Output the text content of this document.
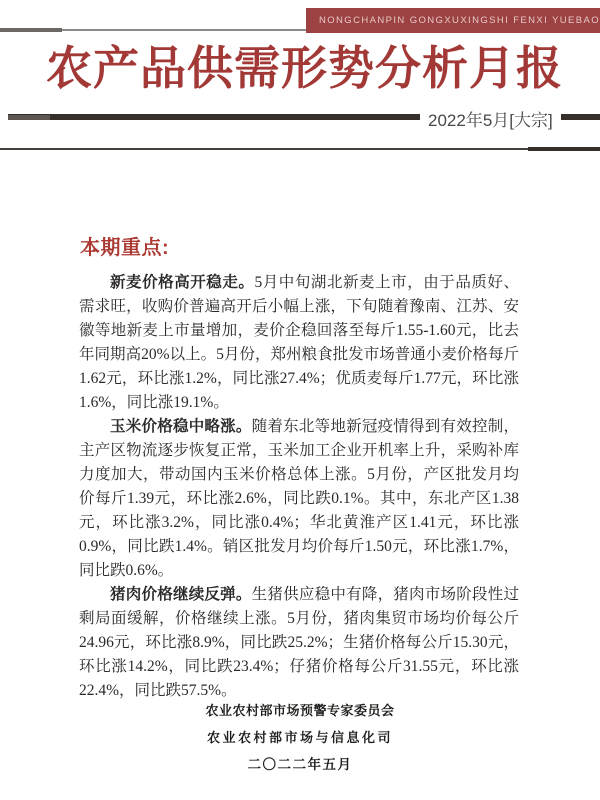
NONGCHANPIN GONGXUXINGSHI FENXI YUEBAO
农产品供需形势分析月报
2022年5月[大宗]
本期重点:

新麦价格高开稳走。5月中旬湖北新麦上市，由于品质好、需求旺，收购价普遍高开后小幅上涨，下旬随着豫南、江苏、安徽等地新麦上市量增加，麦价企稳回落至每斤1.55-1.60元，比去年同期高20%以上。5月份，郑州粮食批发市场普通小麦价格每斤1.62元，环比涨1.2%，同比涨27.4%；优质麦每斤1.77元，环比涨1.6%，同比涨19.1%。

玉米价格稳中略涨。随着东北等地新冠疫情得到有效控制，主产区物流逐步恢复正常，玉米加工企业开机率上升，采购补库力度加大，带动国内玉米价格总体上涨。5月份，产区批发月均价每斤1.39元，环比涨2.6%，同比跌0.1%。其中，东北产区1.38元，环比涨3.2%，同比涨0.4%；华北黄淮产区1.41元，环比涨0.9%，同比跌1.4%。销区批发月均价每斤1.50元，环比涨1.7%，同比跌0.6%。

猪肉价格继续反弹。生猪供应稳中有降，猪肉市场阶段性过剩局面缓解，价格继续上涨。5月份，猪肉集贸市场均价每公斤24.96元，环比涨8.9%，同比跌25.2%；生猪价格每公斤15.30元，环比涨14.2%，同比跌23.4%；仔猪价格每公斤31.55元，环比涨22.4%，同比跌57.5%。

农业农村部市场预警专家委员会
农业农村部市场与信息化司
二〇二二年五月
